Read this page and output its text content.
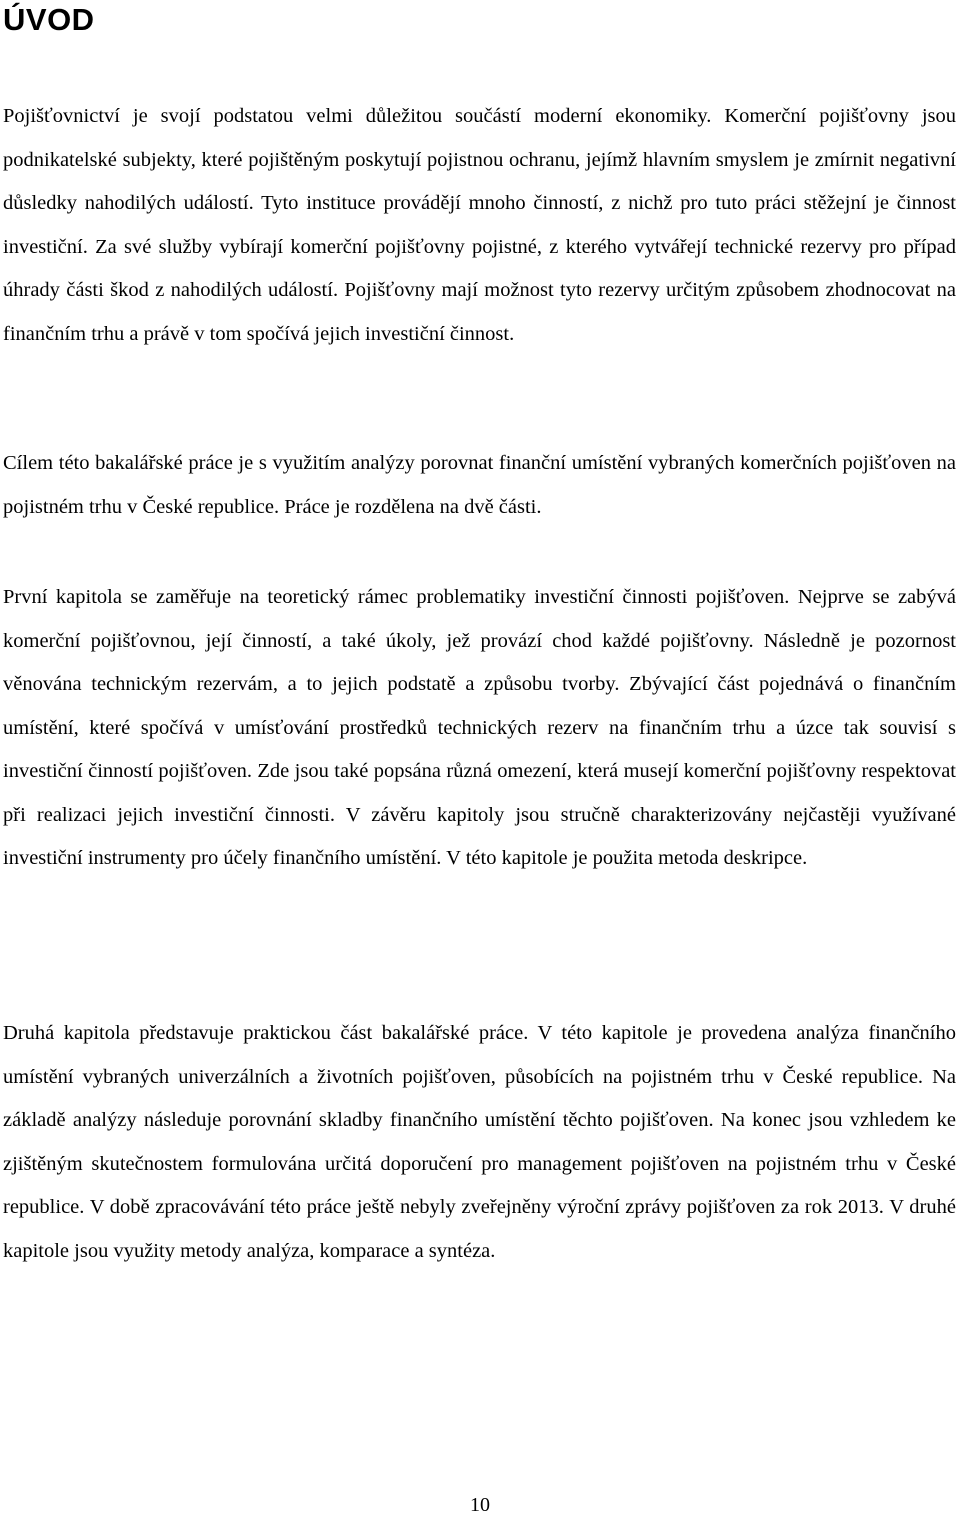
ÚVOD

Pojišťovnictví je svojí podstatou velmi důležitou součástí moderní ekonomiky. Komerční pojišťovny jsou podnikatelské subjekty, které pojištěným poskytují pojistnou ochranu, jejímž hlavním smyslem je zmírnit negativní důsledky nahodilých událostí. Tyto instituce provádějí mnoho činností, z nichž pro tuto práci stěžejní je činnost investiční. Za své služby vybírají komerční pojišťovny pojistné, z kterého vytvářejí technické rezervy pro případ úhrady části škod z nahodilých událostí. Pojišťovny mají možnost tyto rezervy určitým způsobem zhodnocovat na finančním trhu a právě v tom spočívá jejich investiční činnost.

Cílem této bakalářské práce je s využitím analýzy porovnat finanční umístění vybraných komerčních pojišťoven na pojistném trhu v České republice. Práce je rozdělena na dvě části.

První kapitola se zaměřuje na teoretický rámec problematiky investiční činnosti pojišťoven. Nejprve se zabývá komerční pojišťovnou, její činností, a také úkoly, jež provází chod každé pojišťovny. Následně je pozornost věnována technickým rezervám, a to jejich podstatě a způsobu tvorby. Zbývající část pojednává o finančním umístění, které spočívá v umísťování prostředků technických rezerv na finančním trhu a úzce tak souvisí s investiční činností pojišťoven. Zde jsou také popsána různá omezení, která musejí komerční pojišťovny respektovat při realizaci jejich investiční činnosti. V závěru kapitoly jsou stručně charakterizovány nejčastěji využívané investiční instrumenty pro účely finančního umístění. V této kapitole je použita metoda deskripce.

Druhá kapitola představuje praktickou část bakalářské práce. V této kapitole je provedena analýza finančního umístění vybraných univerzálních a životních pojišťoven, působících na pojistném trhu v České republice. Na základě analýzy následuje porovnání skladby finančního umístění těchto pojišťoven. Na konec jsou vzhledem ke zjištěným skutečnostem formulována určitá doporučení pro management pojišťoven na pojistném trhu v České republice. V době zpracovávání této práce ještě nebyly zveřejněny výroční zprávy pojišťoven za rok 2013. V druhé kapitole jsou využity metody analýza, komparace a syntéza.

10
